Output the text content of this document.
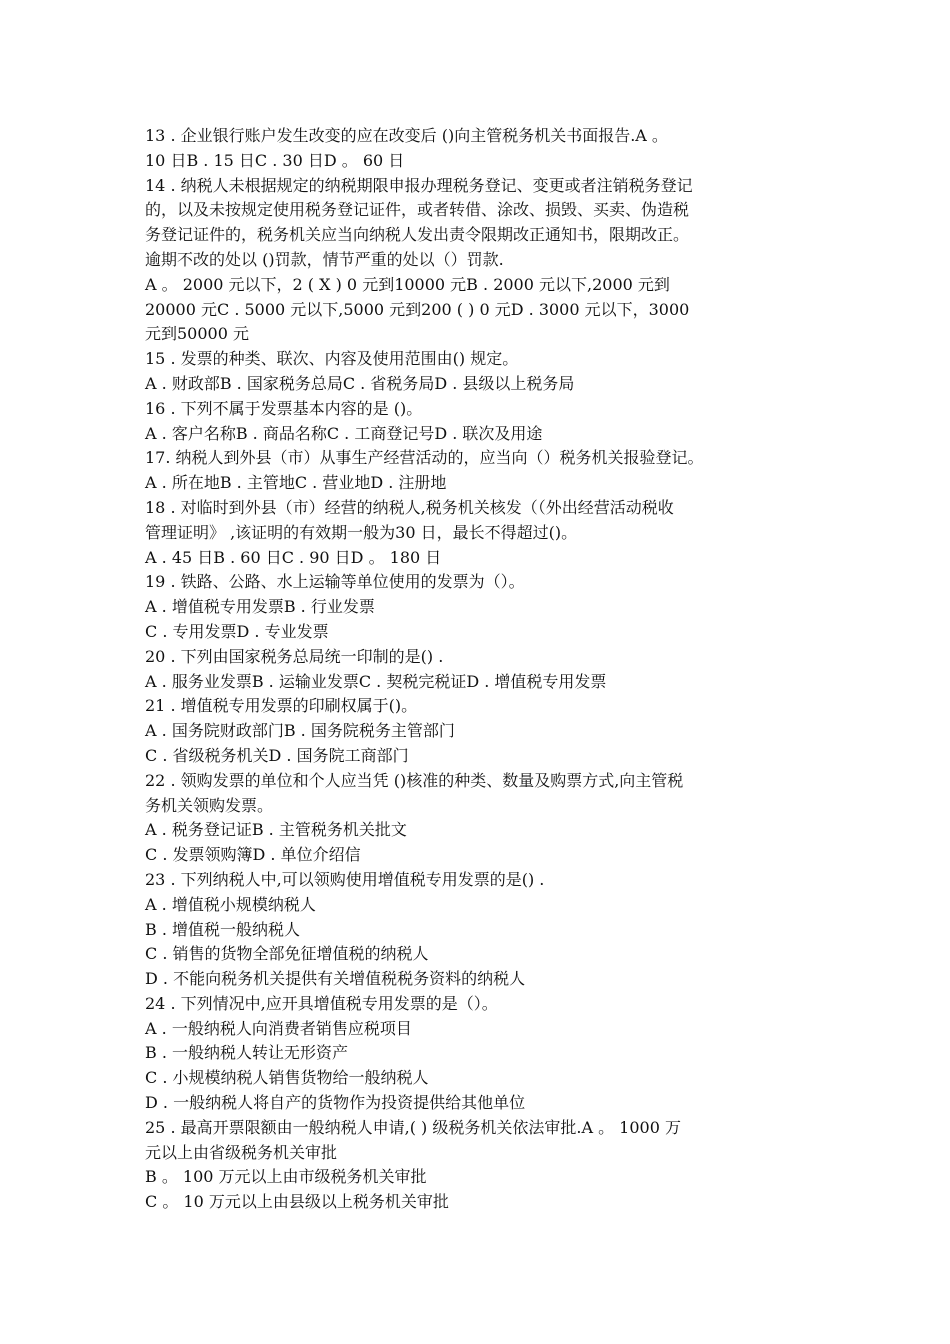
13 . 企业银行账户发生改变的应在改变后 ()向主管税务机关书面报告.A 。

10 日B . 15 日C . 30 日D 。 60 日

14 . 纳税人未根据规定的纳税期限申报办理税务登记、变更或者注销税务登记

的，以及未按规定使用税务登记证件，或者转借、涂改、损毁、买卖、伪造税

务登记证件的，税务机关应当向纳税人发出责令限期改正通知书，限期改正。

逾期不改的处以 ()罚款，情节严重的处以（）罚款.

A 。 2000 元以下，2 ( X ) 0 元到10000 元B . 2000 元以下,2000 元到

20000 元C . 5000 元以下,5000 元到200 ( ) 0 元D . 3000 元以下，3000

元到50000 元

15 . 发票的种类、联次、内容及使用范围由() 规定。

A . 财政部B . 国家税务总局C . 省税务局D . 县级以上税务局

16 . 下列不属于发票基本内容的是 ()。

A . 客户名称B . 商品名称C . 工商登记号D . 联次及用途

17. 纳税人到外县（市）从事生产经营活动的，应当向（）税务机关报验登记。

A . 所在地B . 主管地C . 营业地D . 注册地

18 . 对临时到外县（市）经营的纳税人,税务机关核发（（外出经营活动税收

管理证明》 ,该证明的有效期一般为30 日，最长不得超过()。

A . 45 日B . 60 日C . 90 日D 。 180 日

19 . 铁路、公路、水上运输等单位使用的发票为（）。

A . 增值税专用发票B . 行业发票

C . 专用发票D . 专业发票

20 . 下列由国家税务总局统一印制的是() .

A . 服务业发票B . 运输业发票C . 契税完税证D . 增值税专用发票

21 . 增值税专用发票的印刷权属于()。

A . 国务院财政部门B . 国务院税务主管部门

C . 省级税务机关D . 国务院工商部门

22 . 领购发票的单位和个人应当凭 ()核准的种类、数量及购票方式,向主管税

务机关领购发票。

A . 税务登记证B . 主管税务机关批文

C . 发票领购簿D . 单位介绍信

23 . 下列纳税人中,可以领购使用增值税专用发票的是() .

A . 增值税小规模纳税人

B . 增值税一般纳税人

C . 销售的货物全部免征增值税的纳税人

D . 不能向税务机关提供有关增值税税务资料的纳税人

24 . 下列情况中,应开具增值税专用发票的是（）。

A . 一般纳税人向消费者销售应税项目

B . 一般纳税人转让无形资产

C . 小规模纳税人销售货物给一般纳税人

D . 一般纳税人将自产的货物作为投资提供给其他单位

25 . 最高开票限额由一般纳税人申请,( ) 级税务机关依法审批.A 。 1000 万

元以上由省级税务机关审批

B 。 100 万元以上由市级税务机关审批

C 。 10 万元以上由县级以上税务机关审批
